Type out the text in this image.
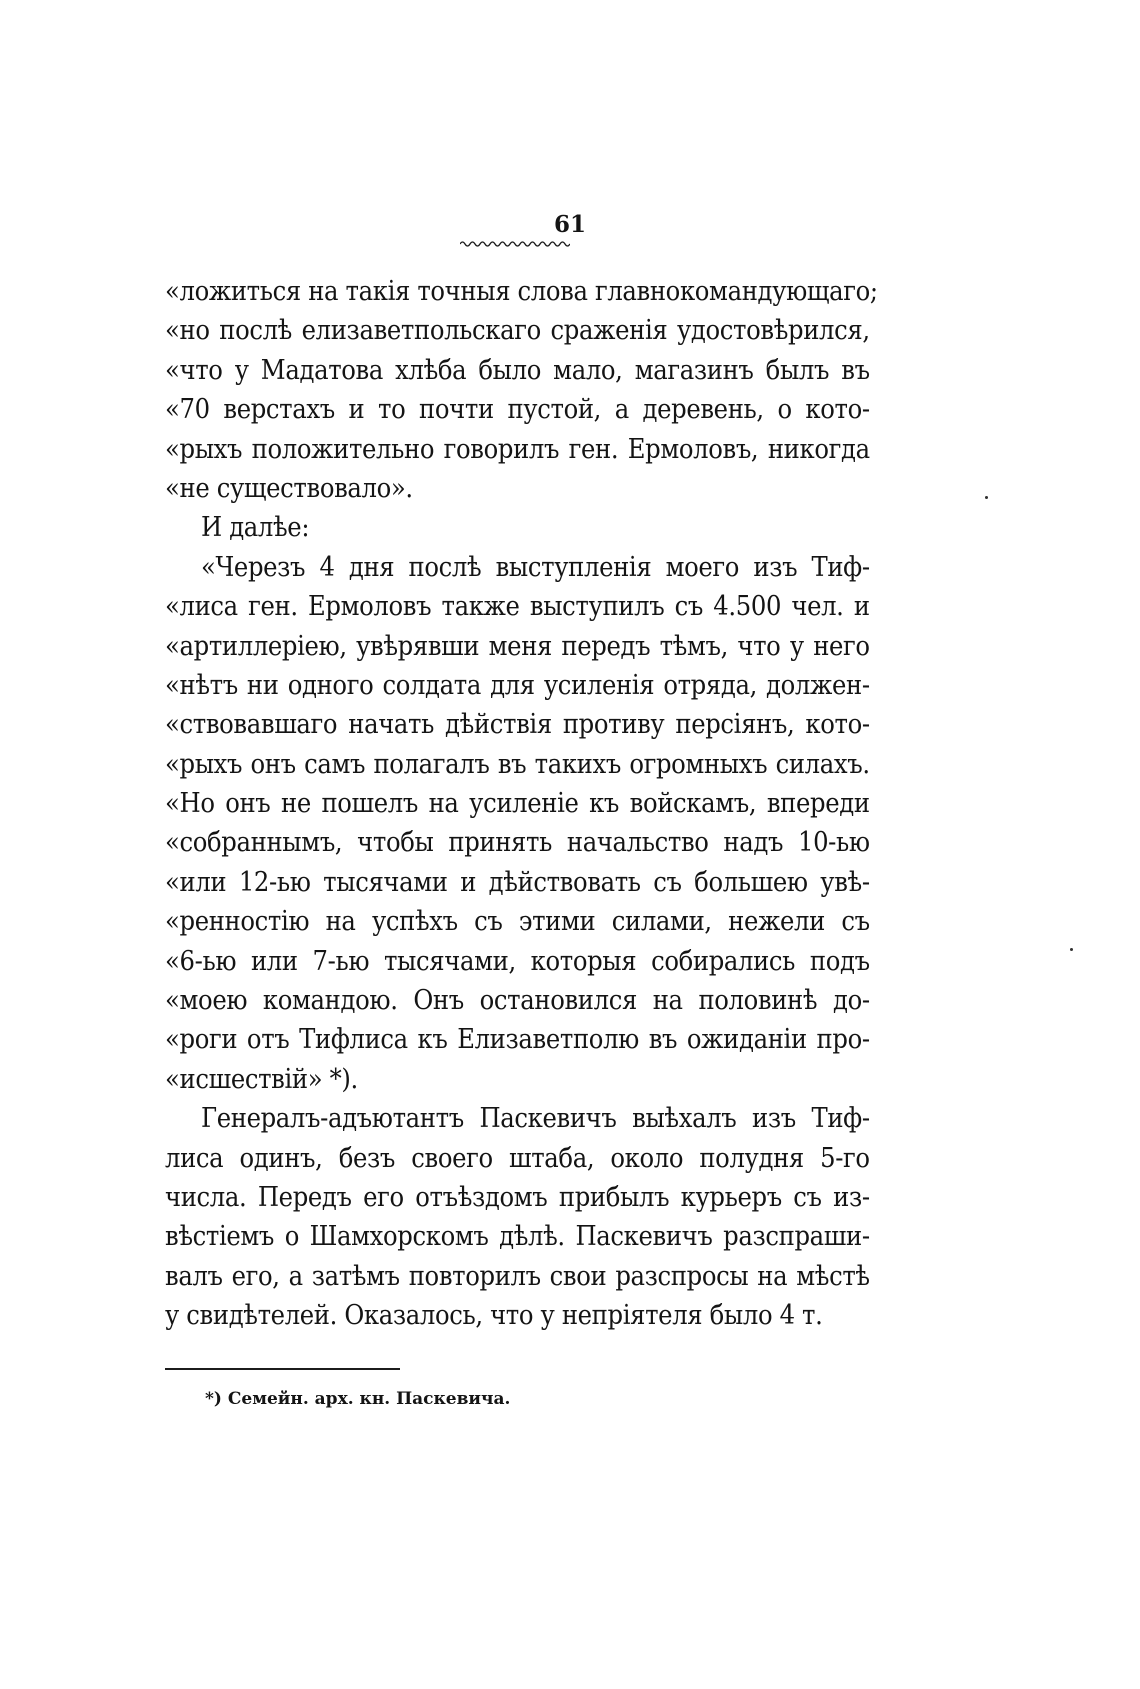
61
«ложиться на такія точныя слова главнокомандующаго;
«но послѣ елизаветпольскаго сраженія удостовѣрился,
«что у Мадатова хлѣба было мало, магазинъ былъ въ
«70 верстахъ и то почти пустой, а деревень, о кото-
«рыхъ положительно говорилъ ген. Ермоловъ, никогда
«не существовало».
И далѣе:
«Черезъ 4 дня послѣ выступленія моего изъ Тиф-
«лиса ген. Ермоловъ также выступилъ съ 4.500 чел. и
«артиллеріею, увѣрявши меня передъ тѣмъ, что у него
«нѣтъ ни одного солдата для усиленія отряда, должен-
«ствовавшаго начать дѣйствія противу персіянъ, кото-
«рыхъ онъ самъ полагалъ въ такихъ огромныхъ силахъ.
«Но онъ не пошелъ на усиленіе къ войскамъ, впереди
«собраннымъ, чтобы принять начальство надъ 10-ью
«или 12-ью тысячами и дѣйствовать съ большею увѣ-
«ренностію на успѣхъ съ этими силами, нежели съ
«6-ью или 7-ью тысячами, которыя собирались подъ
«моею командою. Онъ остановился на половинѣ до-
«роги отъ Тифлиса къ Елизаветполю въ ожиданіи про-
«исшествій» *).
Генералъ-адъютантъ Паскевичъ выѣхалъ изъ Тиф-
лиса одинъ, безъ своего штаба, около полудня 5-го
числа. Передъ его отъѣздомъ прибылъ курьеръ съ из-
вѣстіемъ о Шамхорскомъ дѣлѣ. Паскевичъ разспраши-
валъ его, а затѣмъ повторилъ свои разспросы на мѣстѣ
у свидѣтелей. Оказалось, что у непріятеля было 4 т.
*) Семейн. арх. кн. Паскевича.
